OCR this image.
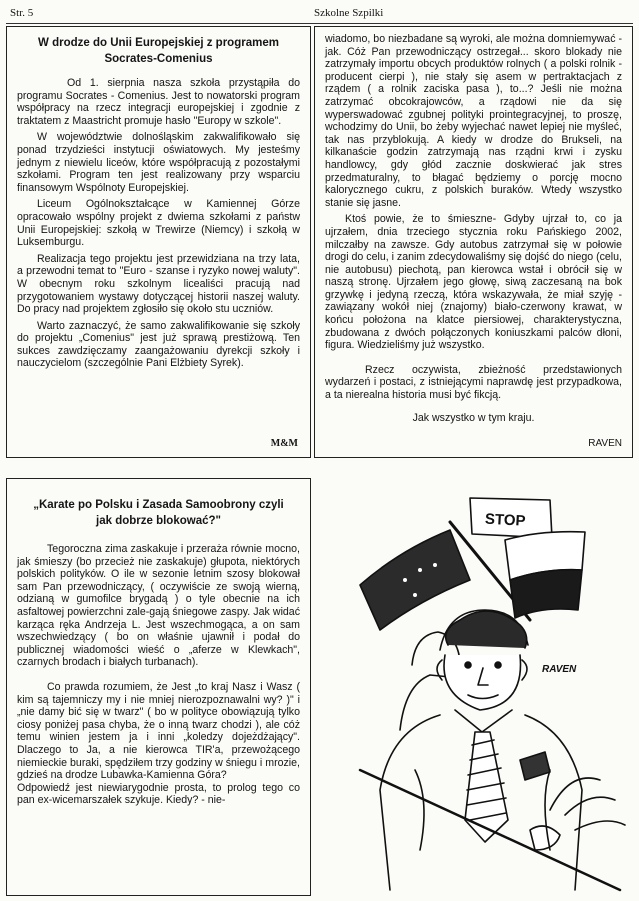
Str. 5	Szkolne Szpilki

W drodze do Unii Europejskiej z programem

Socrates-Comenius

Od 1. sierpnia nasza szkoła przystąpiła do programu Socrates - Comenius. Jest to nowatorski program współpracy na rzecz integracji europejskiej i zgodnie z traktatem z Maastricht promuje hasło "Europy w szkole".

W województwie dolnośląskim zakwalifikowało się ponad trzydzieści instytucji oświatowych. My jesteśmy jednym z niewielu liceów, które współpracują z pozostałymi szkołami. Program ten jest realizowany przy wsparciu finansowym Wspólnoty Europejskiej.

Liceum Ogólnokształcące w Kamiennej Górze opracowało wspólny projekt z dwiema szkołami z państw Unii Europejskiej: szkołą w Trewirze (Niemcy) i szkołą w Luksemburgu.

Realizacja tego projektu jest przewidziana na trzy lata, a przewodni temat to "Euro - szanse i ryzyko nowej waluty". W obecnym roku szkolnym licealiści pracują nad przygotowaniem wystawy dotyczącej historii naszej waluty. Do pracy nad projektem zgłosiło się około stu uczniów.

Warto zaznaczyć, że samo zakwalifikowanie się szkoły do projektu „Comenius" jest już sprawą prestiżową. Ten sukces zawdzięczamy zaangażowaniu dyrekcji szkoły i nauczycielom (szczególnie Pani Elżbiety Syrek).

M&M

wiadomo, bo niezbadane są wyroki, ale można domniemywać - jak. Cóż Pan przewodniczący ostrzegał... skoro blokady nie zatrzymały importu obcych produktów rolnych ( a polski rolnik - producent cierpi ), nie stały się asem w pertraktacjach z rządem ( a rolnik zaciska pasa ), to...? Jeśli nie można zatrzymać obcokrajowców, a rządowi nie da się wyperswadować zgubnej polityki prointegracyjnej, to proszę, wchodzimy do Unii, bo żeby wyjechać nawet lepiej nie myśleć, tak nas przyblokują. A kiedy w drodze do Brukseli, na kilkanaście godzin zatrzymają nas rządni krwi i zysku handlowcy, gdy głód zacznie doskwierać jak stres przedmaturalny, to błagać będziemy o porcję mocno kalorycznego cukru, z polskich buraków. Wtedy wszystko stanie się jasne.

Ktoś powie, że to śmieszne- Gdyby ujrzał to, co ja ujrzałem, dnia trzeciego stycznia roku Pańskiego 2002, milczałby na zawsze. Gdy autobus zatrzymał się w połowie drogi do celu, i zanim zdecydowaliśmy się dojść do niego (celu, nie autobusu) piechotą, pan kierowca wstał i obrócił się w naszą stronę. Ujrzałem jego głowę, siwą zaczesaną na bok grzywkę i jedyną rzeczą, która wskazywała, że miał szyję - zawiązany wokół niej (znajomy) biało-czerwony krawat, w końcu położona na klatce piersiowej, charakterystyczna, zbudowana z dwóch połączonych koniuszkami palców dłoni, figura. Wiedzieliśmy już wszystko.

Rzecz oczywista, zbieżność przedstawionych wydarzeń i postaci, z istniejącymi naprawdę jest przypadkowa, a ta nierealna historia musi być fikcją.

Jak wszystko w tym kraju.

RAVEN

„Karate po Polsku i Zasada Samoobrony czyli

jak dobrze blokować?"

Tegoroczna zima zaskakuje i przeraża równie mocno, jak śmieszy (bo przecież nie zaskakuje) głupota, niektórych polskich polityków. O ile w sezonie letnim szosy blokował sam Pan przewodniczący, ( oczywiście ze swoją wierną, odzianą w gumofilce brygadą ) o tyle obecnie na ich asfaltowej powierzchni zale-gają śniegowe zaspy. Jak widać karząca ręka Andrzeja L. Jest wszechmogąca, a on sam wszechwiedzący ( bo on właśnie ujawnił i podał do publicznej wiadomości wieść o „aferze w Klewkach", czarnych brodach i białych turbanach).

Co prawda rozumiem, że Jest „to kraj Nasz i Wasz ( kim są tajemniczy my i nie mniej nierozpoznawalni wy? )" i „nie damy bić się w twarz" ( bo w polityce obowiązują tylko ciosy poniżej pasa chyba, że o inną twarz chodzi ), ale cóż temu winien jestem ja i inni „koledzy dojeżdżający". Dlaczego to Ja, a nie kierowca TIR'a, przewożącego niemieckie buraki, spędziłem trzy godziny w śniegu i mrozie, gdzieś na drodze Lubawka-Kamienna Góra?

Odpowiedź jest niewiarygodnie prosta, to prolog tego co pan ex-wicemarszałek szykuje. Kiedy? - nie-

STOP
RAVEN
